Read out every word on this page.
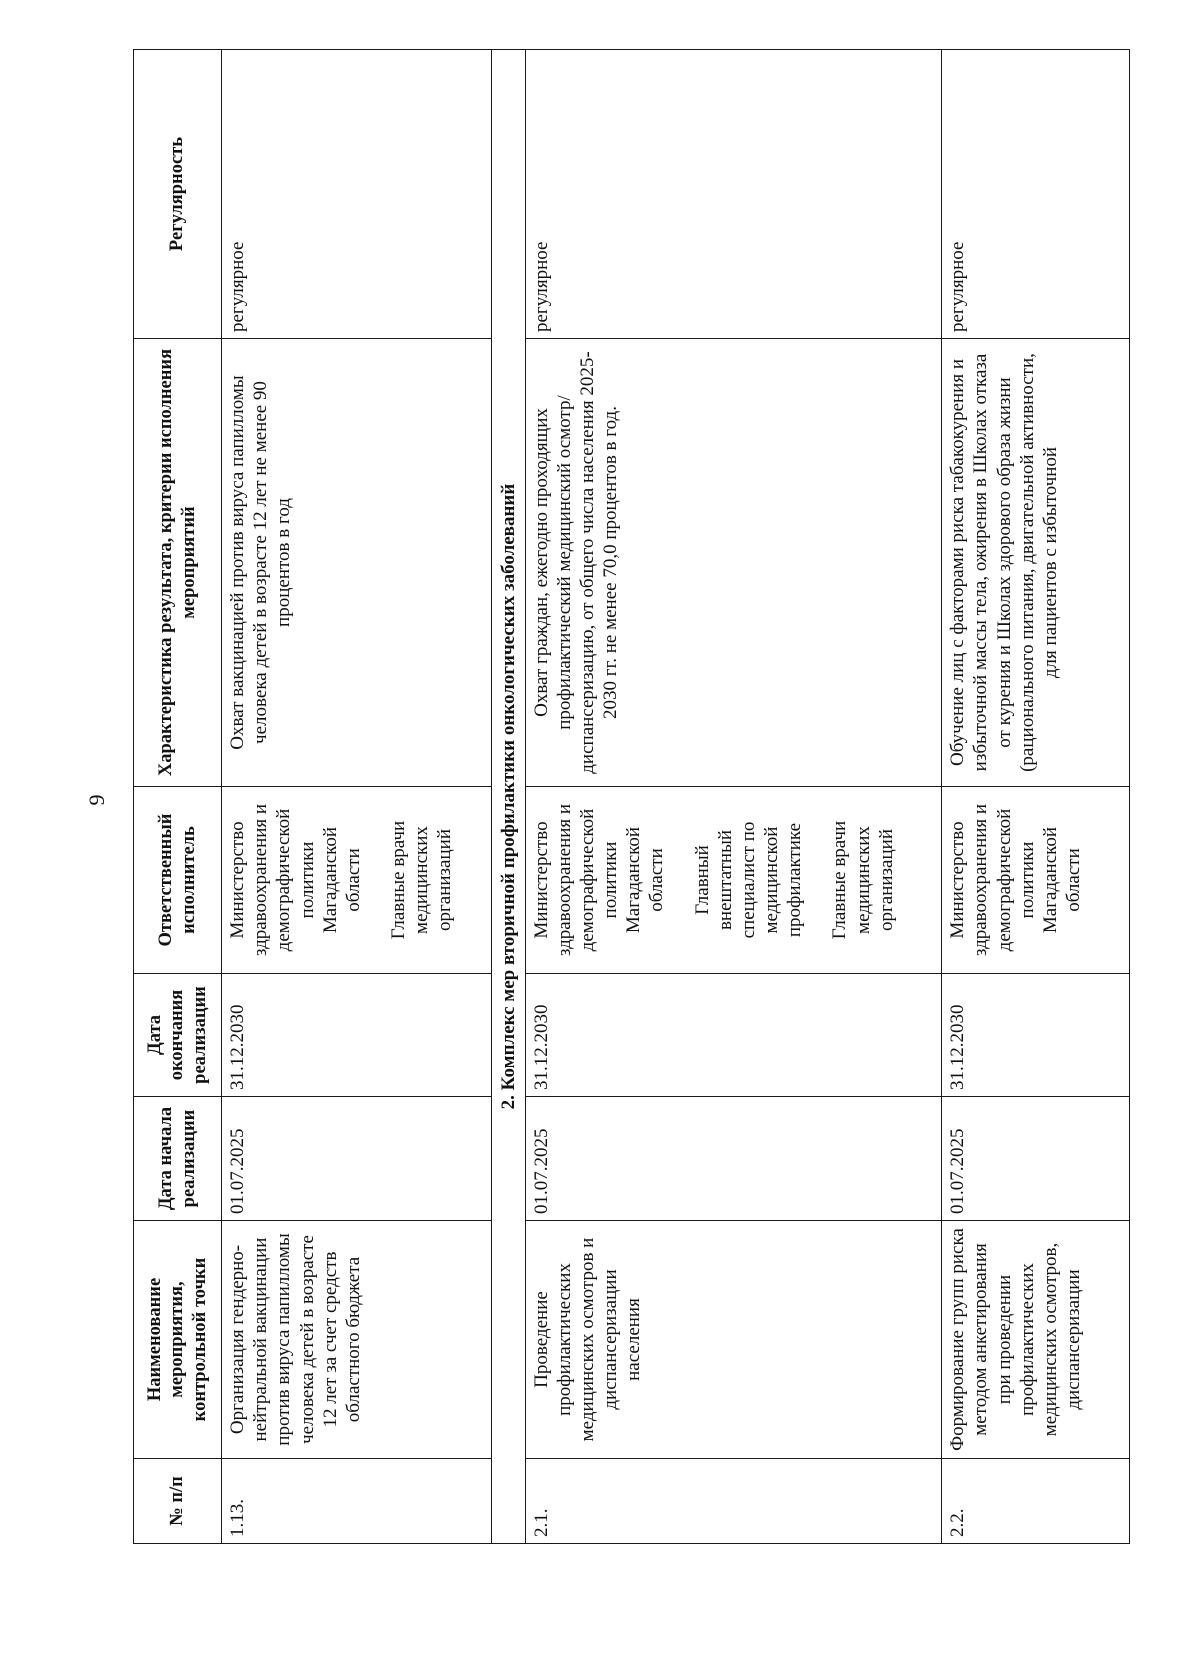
9
№ п/п	Наименование мероприятия, контрольной точки	Дата начала реализации	Дата окончания реализации	Ответственный исполнитель	Характеристика результата, критерии исполнения мероприятий	Регулярность
1.13.	Организация гендерно-нейтральной вакцинации против вируса папилломы человека детей в возрасте 12 лет за счет средств областного бюджета	01.07.2025	31.12.2030	Министерство здравоохранения и демографической политики Магаданской области Главные врачи медицинских организаций	Охват вакцинацией против вируса папилломы человека детей в возрасте 12 лет не менее 90 процентов в год	регулярное
2. Комплекс мер вторичной профилактики онкологических заболеваний						
2.1.	Проведение профилактических медицинских осмотров и диспансеризации населения	01.07.2025	31.12.2030	Министерство здравоохранения и демографической политики Магаданской области Главный внештатный специалист по медицинской профилактике Главные врачи медицинских организаций	Охват граждан, ежегодно проходящих профилактический медицинский осмотр/диспансеризацию, от общего числа населения 2025-2030 гг. не менее 70,0 процентов в год.	регулярное
2.2.	Формирование групп риска методом анкетирования при проведении профилактических медицинских осмотров, диспансеризации	01.07.2025	31.12.2030	Министерство здравоохранения и демографической политики Магаданской области	Обучение лиц с факторами риска табакокурения и избыточной массы тела, ожирения в Школах отказа от курения и Школах здорового образа жизни (рационального питания, двигательной активности, для пациентов с избыточной	регулярное
